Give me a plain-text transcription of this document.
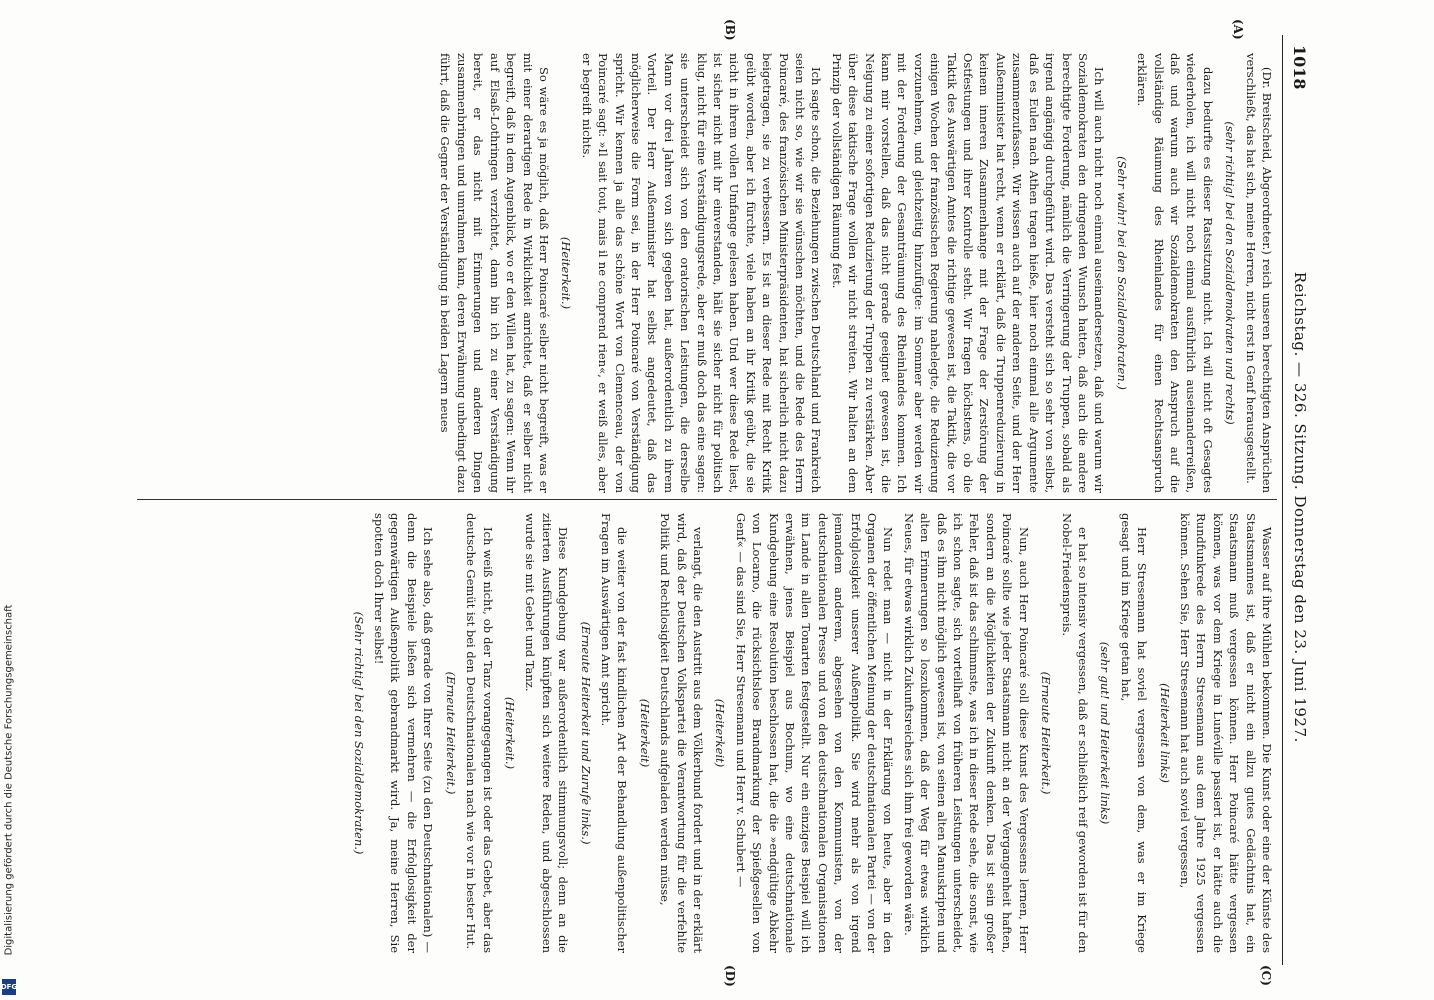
1018
Reichstag. — 326. Sitzung. Donnerstag den 23. Juni 1927.
(A)
(B)
(C)
(D)

(Dr. Breitscheid, Abgeordneter.) reich unseren berechtigten Ansprüchen verschließt, das hat sich, meine Herren, nicht erst in Genf herausgestellt.

(sehr richtig! bei den Sozialdemokraten und rechts)

dazu bedurfte es dieser Ratssitzung nicht. Ich will nicht oft Gesagtes wiederholen, ich will nicht noch einmal ausführlich auseinanderreißen, daß und warum auch wir Sozialdemokraten den Anspruch auf die vollständige Räumung des Rheinlandes für einen Rechtsanspruch erklären.

(Sehr wahr! bei den Sozialdemokraten.)

Ich will auch nicht noch einmal auseinandersetzen, daß und warum wir Sozialdemokraten den dringenden Wunsch hatten, daß auch die andere berechtigte Forderung, nämlich die Verringerung der Truppen, sobald als irgend angängig durchgeführt wird. Das versteht sich so sehr von selbst, daß es Eulen nach Athen tragen hieße, hier noch einmal alle Argumente zusammenzufassen. Wir wissen auch auf der anderen Seite, und der Herr Außenminister hat recht, wenn er erklärt, daß die Truppenreduzierung in keinem inneren Zusammenhange mit der Frage der Zerstörung der Ostfestungen und ihrer Kontrolle steht. Wir fragen höchstens, ob die Taktik des Auswärtigen Amtes die richtige gewesen ist, die Taktik, die vor einigen Wochen der französischen Regierung nahelegte, die Reduzierung vorzunehmen, und gleichzeitig hinzufügte: im Sommer aber werden wir mit der Forderung der Gesamträumung des Rheinlandes kommen. Ich kann mir vorstellen, daß das nicht gerade geeignet gewesen ist, die Neigung zu einer sofortigen Reduzierung der Truppen zu verstärken. Aber über diese taktische Frage wollen wir nicht streiten. Wir halten an dem Prinzip der vollständigen Räumung fest.

Ich sagte schon, die Beziehungen zwischen Deutschland und Frankreich seien nicht so, wie wir sie wünschen möchten, und die Rede des Herrn Poincaré, des französischen Ministerpräsidenten, hat sicherlich nicht dazu beigetragen, sie zu verbessern. Es ist an dieser Rede mit Recht Kritik geübt worden, aber ich fürchte, viele haben an ihr Kritik geübt, die sie nicht in ihrem vollen Umfange gelesen haben. Und wer diese Rede liest, ist sicher nicht mit ihr einverstanden, hält sie sicher nicht für politisch klug, nicht für eine Verständigungsrede, aber er muß doch das eine sagen: sie unterscheidet sich von den oratorischen Leistungen, die derselbe Mann vor drei Jahren von sich gegeben hat, außerordentlich zu ihrem Vorteil. Der Herr Außenminister hat selbst angedeutet, daß das möglicherweise die Form sei, in der Herr Poincaré von Verständigung spricht. Wir kennen ja alle das schöne Wort von Clemenceau, der von Poincaré sagt: »Il sait tout, mais il ne comprend rien«, er weiß alles, aber er begreift nichts.

(Heiterkeit.)

So wäre es ja möglich, daß Herr Poincaré selber nicht begreift, was er mit einer derartigen Rede in Wirklichkeit anrichtet, daß er selber nicht begreift, daß in dem Augenblick, wo er den Willen hat, zu sagen: Wenn ihr auf Elsaß-Lothringen verzichtet, dann bin ich zu einer Verständigung bereit, er das nicht mit Erinnerungen und anderen Dingen zusammenbringen und umrahmen kann, deren Erwähnung unbedingt dazu führt, daß die Gegner der Verständigung in beiden Lagern neues

Wasser auf ihre Mühlen bekommen. Die Kunst oder eine der Künste des Staatsmannes ist, daß er nicht ein allzu gutes Gedächtnis hat, ein Staatsmann muß vergessen können. Herr Poincaré hätte vergessen können, was vor dem Kriege in Lunéville passiert ist, er hätte auch die Rundfunkrede des Herrn Stresemann aus dem Jahre 1925 vergessen können. Sehen Sie, Herr Stresemann hat auch soviel vergessen,

(Heiterkeit links)

Herr Stresemann hat soviel vergessen von dem, was er im Kriege gesagt und im Kriege getan hat,

(sehr gut! und Heiterkeit links)

er hat so intensiv vergessen, daß er schließlich reif geworden ist für den Nobel-Friedenspreis.

(Erneute Heiterkeit.)

Nun, auch Herr Poincaré soll diese Kunst des Vergessens lernen, Herr Poincaré sollte wie jeder Staatsmann nicht an der Vergangenheit haften, sondern an die Möglichkeiten der Zukunft denken. Das ist sein großer Fehler, daß ist das schlimmste, was ich in dieser Rede sehe, die sonst, wie ich schon sagte, sich vorteilhaft von früheren Leistungen unterscheidet, daß es ihm nicht möglich gewesen ist, von seinen alten Manuskripten und alten Erinnerungen so loszukommen, daß der Weg für etwas wirklich Neues, für etwas wirklich Zukunftsreiches sich ihm frei geworden wäre.

Nun redet man — nicht in der Erklärung von heute, aber in den Organen der öffentlichen Meinung der deutschnationalen Partei — von der Erfolglosigkeit unserer Außenpolitik. Sie wird mehr als von irgend jemandem anderem, abgesehen von den Kommunisten, von der deutschnationalen Presse und von den deutschnationalen Organisationen im Lande in allen Tonarten festgestellt. Nur ein einziges Beispiel will ich erwähnen, jenes Beispiel aus Bochum, wo eine deutschnationale Kundgebung eine Resolution beschlossen hat, die die »endgültige Abkehr von Locarno, die rücksichtslose Brandmarkung der Spießgesellen von Genf« — das sind Sie, Herr Stresemann und Herr v. Schubert —

(Heiterkeit)

verlangt, die den Austritt aus dem Völkerbund fordert und in der erklärt wird, daß der Deutschen Volkspartei die Verantwortung für die verfehlte Politik und Rechtlosigkeit Deutschlands aufgeladen werden müsse,

(Heiterkeit)

die weiter von der fast kindlichen Art der Behandlung außenpolitischer Fragen im Auswärtigen Amt spricht.

(Erneute Heiterkeit und Zurufe links.)

Diese Kundgebung war außerordentlich stimmungsvoll; denn an die zitierten Ausführungen knüpften sich weitere Reden, und abgeschlossen wurde sie mit Gebet und Tanz.

(Heiterkeit.)

Ich weiß nicht, ob der Tanz vorangegangen ist oder das Gebet, aber das deutsche Gemüt ist bei den Deutschnationalen nach wie vor in bester Hut.

(Erneute Heiterkeit.)

Ich sehe also, daß gerade von Ihrer Seite (zu den Deutschnationalen) — denn die Beispiele ließen sich vermehren — die Erfolglosigkeit der gegenwärtigen Außenpolitik gebrandmarkt wird. Ja, meine Herren, Sie spotten doch Ihrer selbst!

(Sehr richtig! bei den Sozialdemokraten.)

Digitalisierung gefördert durch die Deutsche Forschungsgemeinschaft
DFG
